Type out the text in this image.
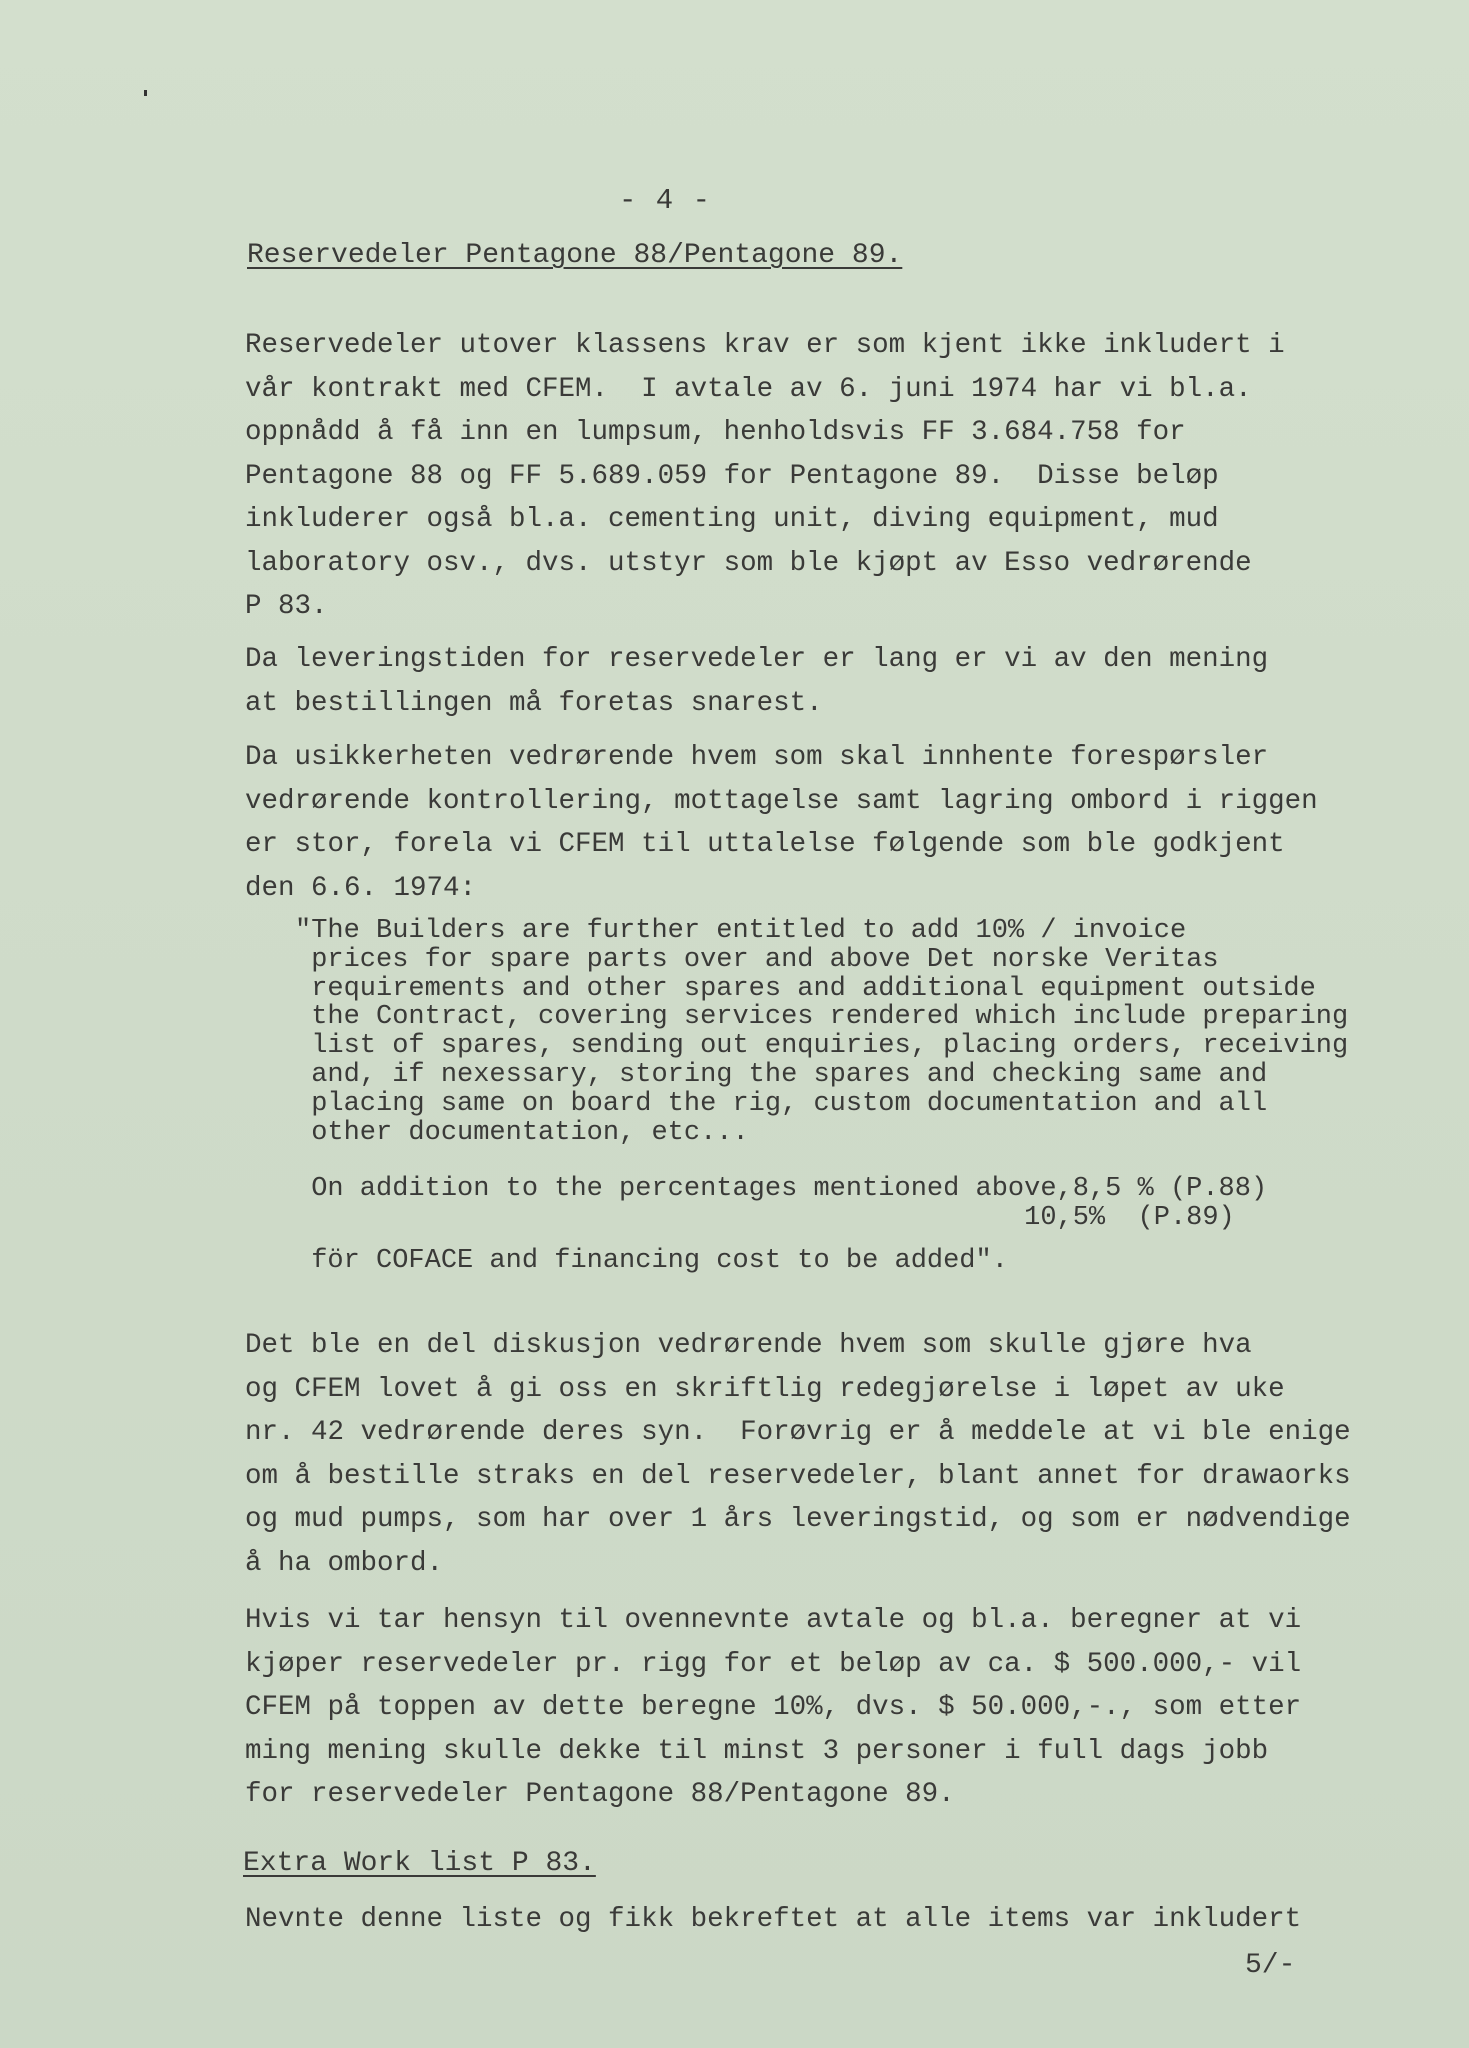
- 4 -
Reservedeler Pentagone 88/Pentagone 89.
Reservedeler utover klassens krav er som kjent ikke inkludert i
vår kontrakt med CFEM.  I avtale av 6. juni 1974 har vi bl.a.
oppnådd å få inn en lumpsum, henholdsvis FF 3.684.758 for
Pentagone 88 og FF 5.689.059 for Pentagone 89.  Disse beløp
inkluderer også bl.a. cementing unit, diving equipment, mud
laboratory osv., dvs. utstyr som ble kjøpt av Esso vedrørende
P 83.
Da leveringstiden for reservedeler er lang er vi av den mening
at bestillingen må foretas snarest.
Da usikkerheten vedrørende hvem som skal innhente forespørsler
vedrørende kontrollering, mottagelse samt lagring ombord i riggen
er stor, forela vi CFEM til uttalelse følgende som ble godkjent
den 6.6. 1974:
"The Builders are further entitled to add 10% / invoice
prices for spare parts over and above Det norske Veritas
requirements and other spares and additional equipment outside
the Contract, covering services rendered which include preparing
list of spares, sending out enquiries, placing orders, receiving
and, if nexessary, storing the spares and checking same and
placing same on board the rig, custom documentation and all
other documentation, etc...
On addition to the percentages mentioned above,8,5 % (P.88)
10,5%  (P.89)
för COFACE and financing cost to be added".
Det ble en del diskusjon vedrørende hvem som skulle gjøre hva
og CFEM lovet å gi oss en skriftlig redegjørelse i løpet av uke
nr. 42 vedrørende deres syn.  Forøvrig er å meddele at vi ble enige
om å bestille straks en del reservedeler, blant annet for drawaorks
og mud pumps, som har over 1 års leveringstid, og som er nødvendige
å ha ombord.
Hvis vi tar hensyn til ovennevnte avtale og bl.a. beregner at vi
kjøper reservedeler pr. rigg for et beløp av ca. $ 500.000,- vil
CFEM på toppen av dette beregne 10%, dvs. $ 50.000,-., som etter
ming mening skulle dekke til minst 3 personer i full dags jobb
for reservedeler Pentagone 88/Pentagone 89.
Extra Work list P 83.
Nevnte denne liste og fikk bekreftet at alle items var inkludert
5/-
